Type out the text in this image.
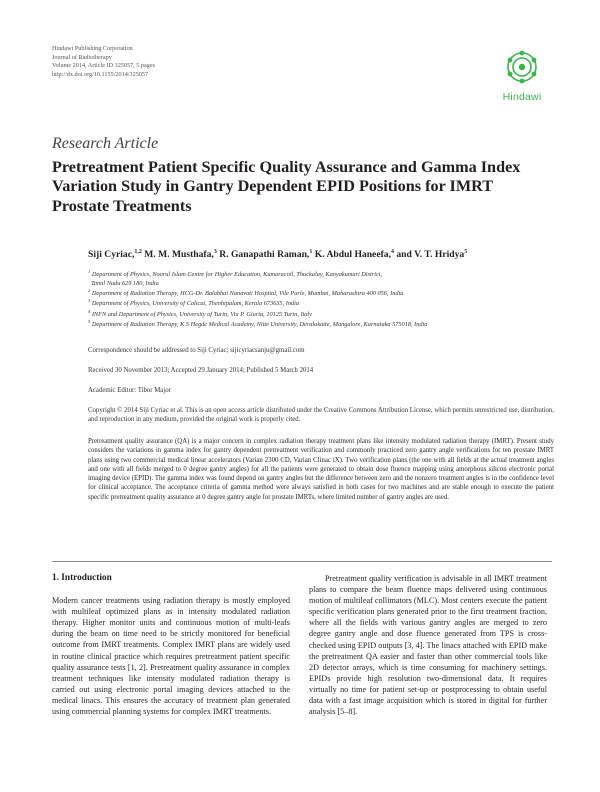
Hindawi Publishing Corporation
Journal of Radiotherapy
Volume 2014, Article ID 325057, 5 pages
http://dx.doi.org/10.1155/2014/325057
Hindawi
Research Article
Pretreatment Patient Specific Quality Assurance and Gamma Index Variation Study in Gantry Dependent EPID Positions for IMRT Prostate Treatments
Siji Cyriac,$^{1,2}$ M. M. Musthafa,$^3$ R. Ganapathi Raman,$^1$ K. Abdul Haneefa,$^4$ and V. T. Hridya$^5$
$^1$ Department of Physics, Noorul Islam Centre for Higher Education, Kumaracoil, Thuckalay, Kanyakumari District,
Tamil Nadu 629 180, India
$^2$ Department of Radiation Therapy, HCG-Dr. Balabhai Nanavati Hospital, Vile Parle, Mumbai, Maharashtra 400 056, India
$^3$ Department of Physics, University of Calicut, Thenhipalam, Kerala 673635, India
$^4$ INFN and Department of Physics, University of Turin, Via P. Giuria, 10125 Turin, Italy
$^5$ Department of Radiation Therapy, K.S Hegde Medical Academy, Nitte University, Deralakatte, Mangalore, Karnataka 575018, India
Correspondence should be addressed to Siji Cyriac; sijicyriacsanju@gmail.com
Received 30 November 2013; Accepted 29 January 2014; Published 5 March 2014
Academic Editor: Tibor Major
Copyright © 2014 Siji Cyriac et al. This is an open access article distributed under the Creative Commons Attribution License, which permits unrestricted use, distribution, and reproduction in any medium, provided the original work is properly cited.
Pretreatment quality assurance (QA) is a major concern in complex radiation therapy treatment plans like intensity modulated radiation therapy (IMRT). Present study considers the variations in gamma index for gantry dependent pretreatment verification and commonly practiced zero gantry angle verifications for ten prostate IMRT plans using two commercial medical linear accelerators (Varian 2300 CD, Varian Clinac iX). Two verification plans (the one with all fields at the actual treatment angles and one with all fields merged to 0 degree gantry angles) for all the patients were generated to obtain dose fluence mapping using amorphous silicon electronic portal imaging device (EPID). The gamma index was found depend on gantry angles but the difference between zero and the nonzero treatment angles is in the confidence level for clinical acceptance. The acceptance criteria of gamma method were always satisfied in both cases for two machines and are stable enough to execute the patient specific pretreatment quality assurance at 0 degree gantry angle for prostate IMRTs, where limited number of gantry angles are used.
1. Introduction

Modern cancer treatments using radiation therapy is mostly employed with multileaf optimized plans as in intensity modulated radiation therapy. Higher monitor units and continuous motion of multi-leafs during the beam on time need to be strictly monitored for beneficial outcome from IMRT treatments. Complex IMRT plans are widely used in routine clinical practice which requires pretreatment patient specific quality assurance tests [1, 2]. Pretreatment quality assurance in complex treatment techniques like intensity modulated radiation therapy is carried out using electronic portal imaging devices attached to the medical linacs. This ensures the accuracy of treatment plan generated using commercial planning systems for complex IMRT treatments.

Pretreatment quality verification is advisable in all IMRT treatment plans to compare the beam fluence maps delivered using continuous motion of multileaf collimators (MLC). Most centers execute the patient specific verification plans generated prior to the first treatment fraction, where all the fields with various gantry angles are merged to zero degree gantry angle and dose fluence generated from TPS is cross-checked using EPID outputs [3, 4]. The linacs attached with EPID make the pretreatment QA easier and faster than other commercial tools like 2D detector arrays, which is time consuming for machinery settings. EPIDs provide high resolution two-dimensional data. It requires virtually no time for patient set-up or postprocessing to obtain useful data with a fast image acquisition which is stored in digital for further analysis [5–8].
